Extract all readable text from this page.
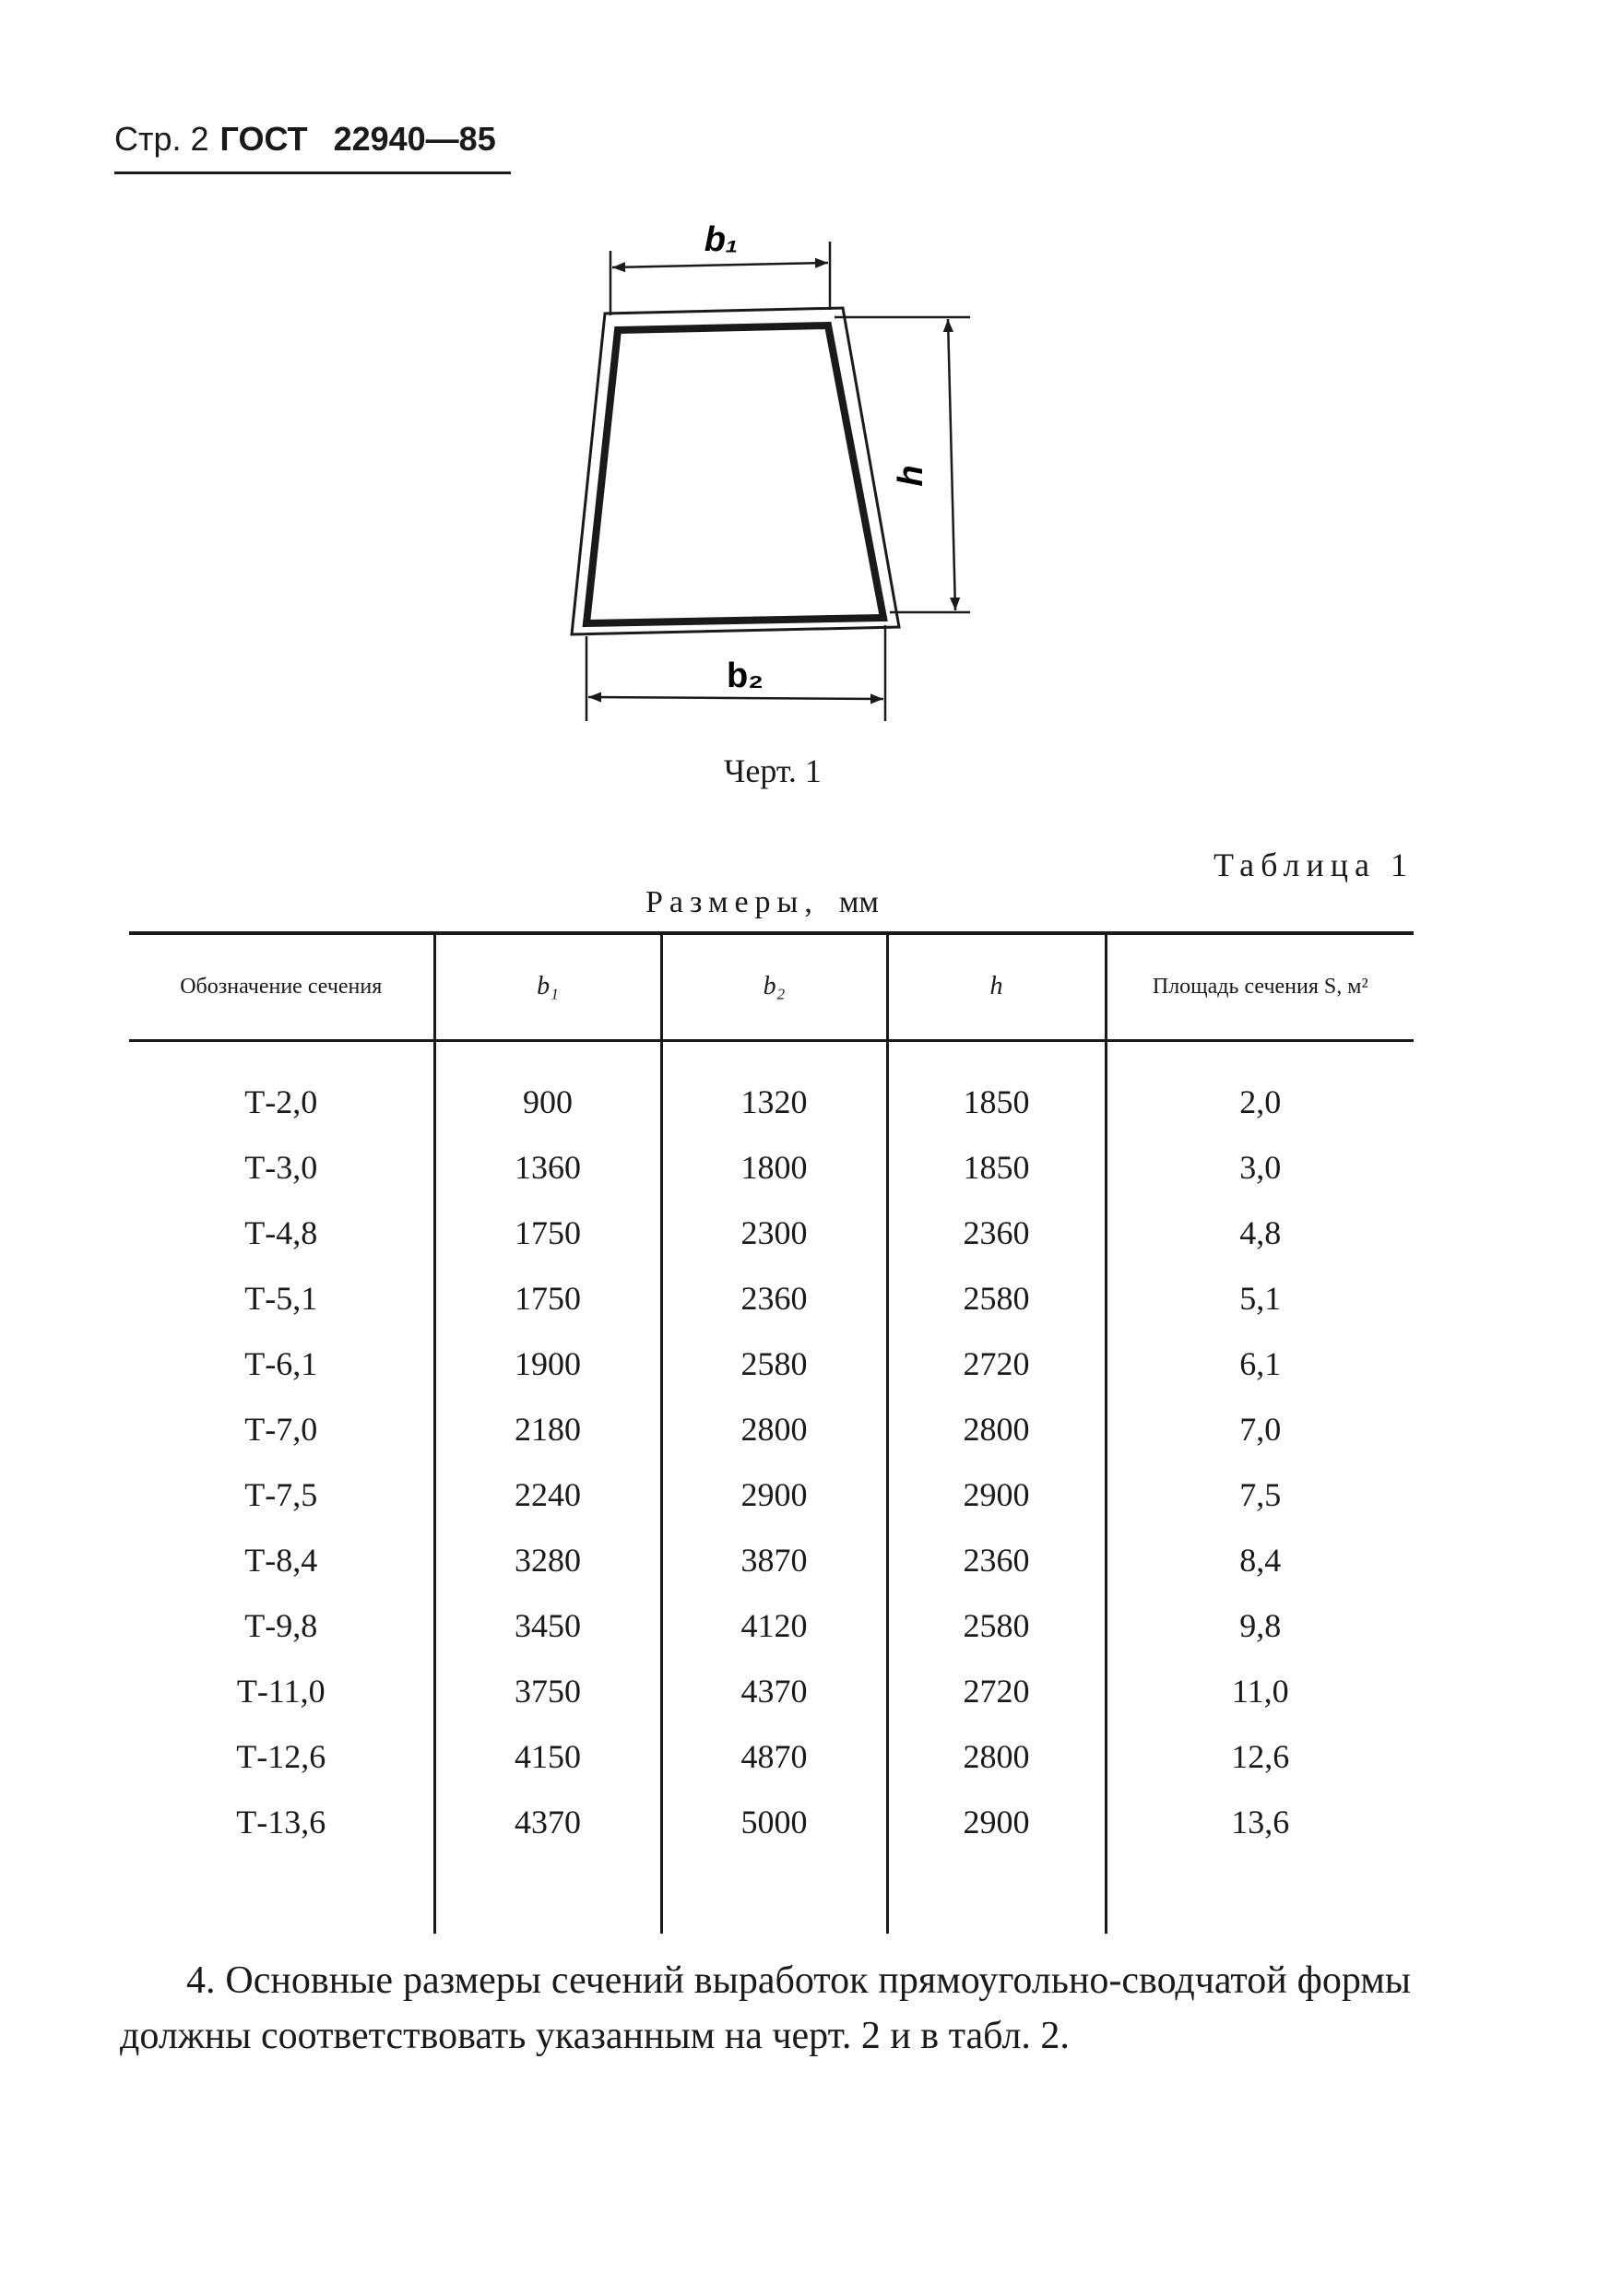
Стр. 2 ГОСТ 22940—85
b₁
h
b₂
Черт. 1
Таблица 1
Размеры, мм
Обозначение сечения	b₁	b₂	h	Площадь сечения S, м²
Т-2,0	900	1320	1850	2,0
Т-3,0	1360	1800	1850	3,0
Т-4,8	1750	2300	2360	4,8
Т-5,1	1750	2360	2580	5,1
Т-6,1	1900	2580	2720	6,1
Т-7,0	2180	2800	2800	7,0
Т-7,5	2240	2900	2900	7,5
Т-8,4	3280	3870	2360	8,4
Т-9,8	3450	4120	2580	9,8
Т-11,0	3750	4370	2720	11,0
Т-12,6	4150	4870	2800	12,6
Т-13,6	4370	5000	2900	13,6

4. Основные размеры сечений выработок прямоугольно-сводчатой формы должны соответствовать указанным на черт. 2 и в табл. 2.
